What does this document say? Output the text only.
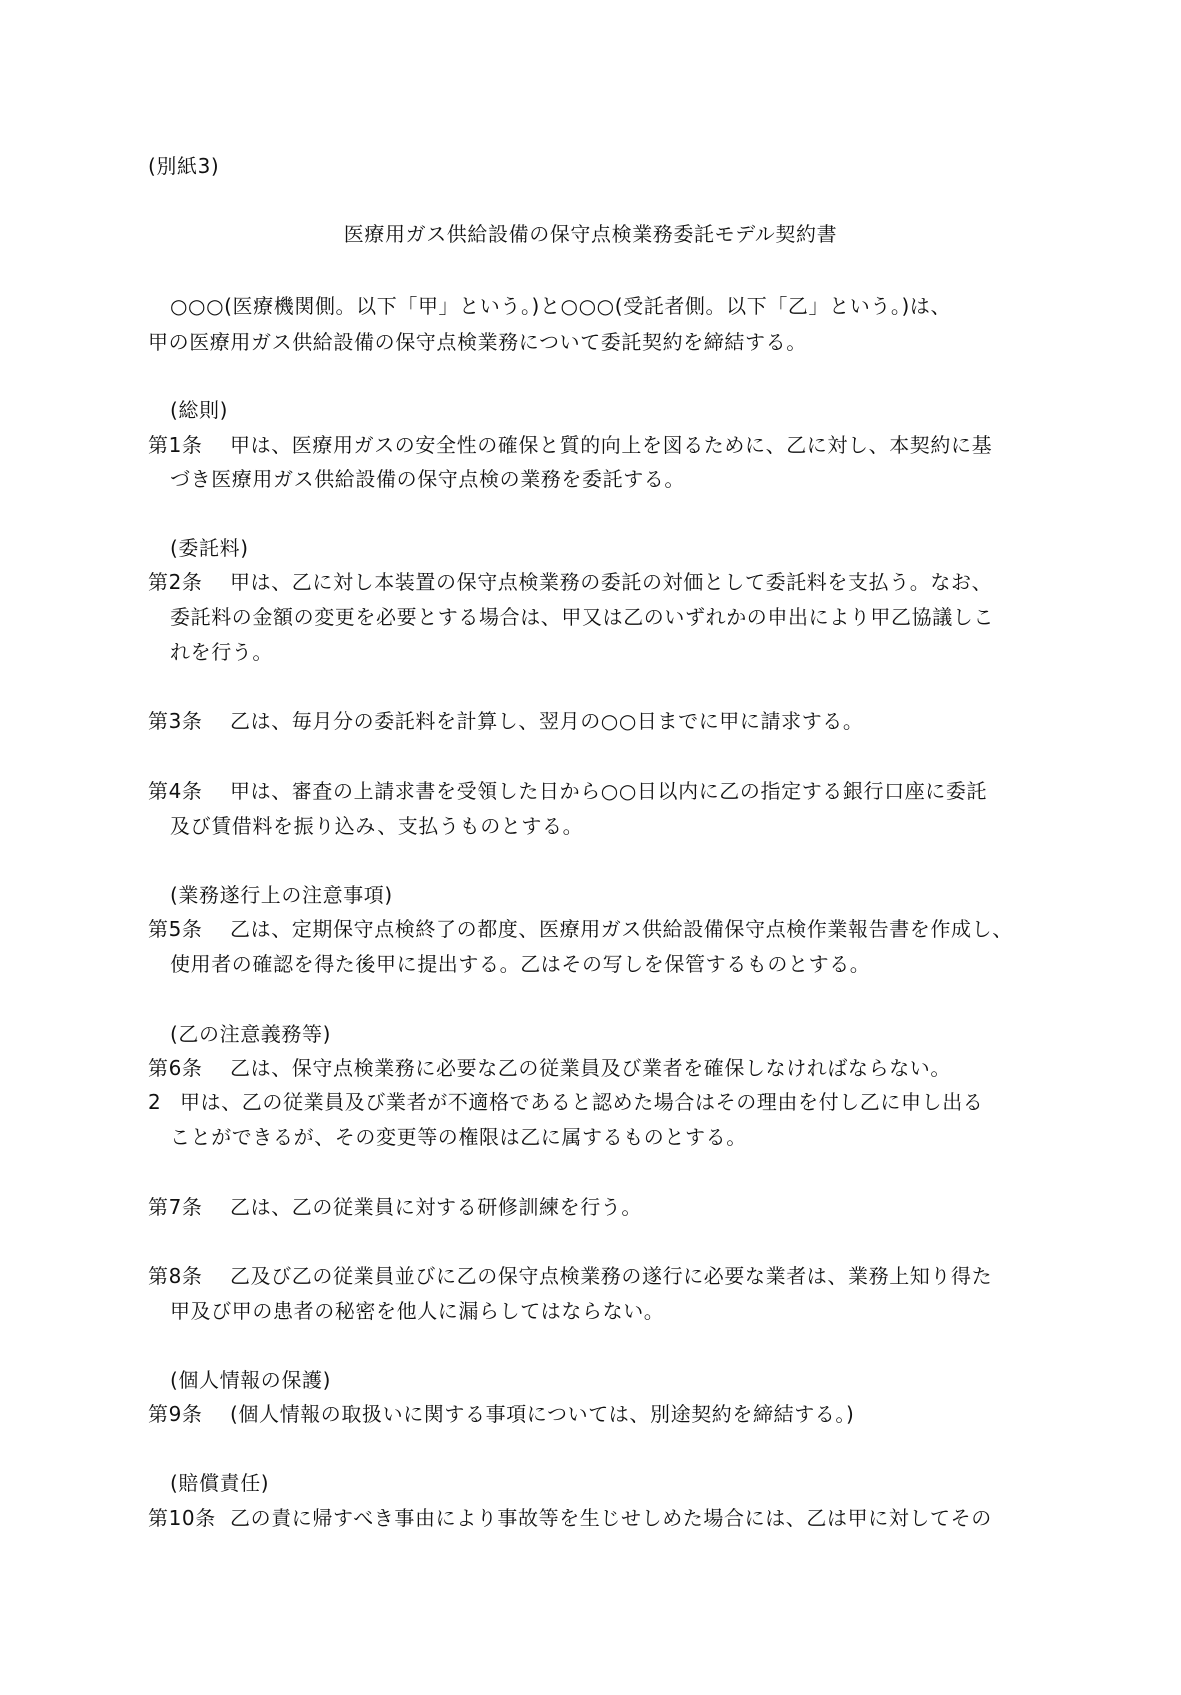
(別紙3)
医療用ガス供給設備の保守点検業務委託モデル契約書
○○○(医療機関側。以下「甲」という。)と○○○(受託者側。以下「乙」という。)は、
甲の医療用ガス供給設備の保守点検業務について委託契約を締結する。
(総則)
第1条 甲は、医療用ガスの安全性の確保と質的向上を図るために、乙に対し、本契約に基
づき医療用ガス供給設備の保守点検の業務を委託する。
(委託料)
第2条 甲は、乙に対し本装置の保守点検業務の委託の対価として委託料を支払う。なお、
委託料の金額の変更を必要とする場合は、甲又は乙のいずれかの申出により甲乙協議しこ
れを行う。
第3条 乙は、毎月分の委託料を計算し、翌月の○○日までに甲に請求する。
第4条 甲は、審査の上請求書を受領した日から○○日以内に乙の指定する銀行口座に委託
及び賃借料を振り込み、支払うものとする。
(業務遂行上の注意事項)
第5条 乙は、定期保守点検終了の都度、医療用ガス供給設備保守点検作業報告書を作成し、
使用者の確認を得た後甲に提出する。乙はその写しを保管するものとする。
(乙の注意義務等)
第6条 乙は、保守点検業務に必要な乙の従業員及び業者を確保しなければならない。
2 甲は、乙の従業員及び業者が不適格であると認めた場合はその理由を付し乙に申し出る
ことができるが、その変更等の権限は乙に属するものとする。
第7条 乙は、乙の従業員に対する研修訓練を行う。
第8条 乙及び乙の従業員並びに乙の保守点検業務の遂行に必要な業者は、業務上知り得た
甲及び甲の患者の秘密を他人に漏らしてはならない。
(個人情報の保護)
第9条 (個人情報の取扱いに関する事項については、別途契約を締結する。)
(賠償責任)
第10条 乙の責に帰すべき事由により事故等を生じせしめた場合には、乙は甲に対してその
